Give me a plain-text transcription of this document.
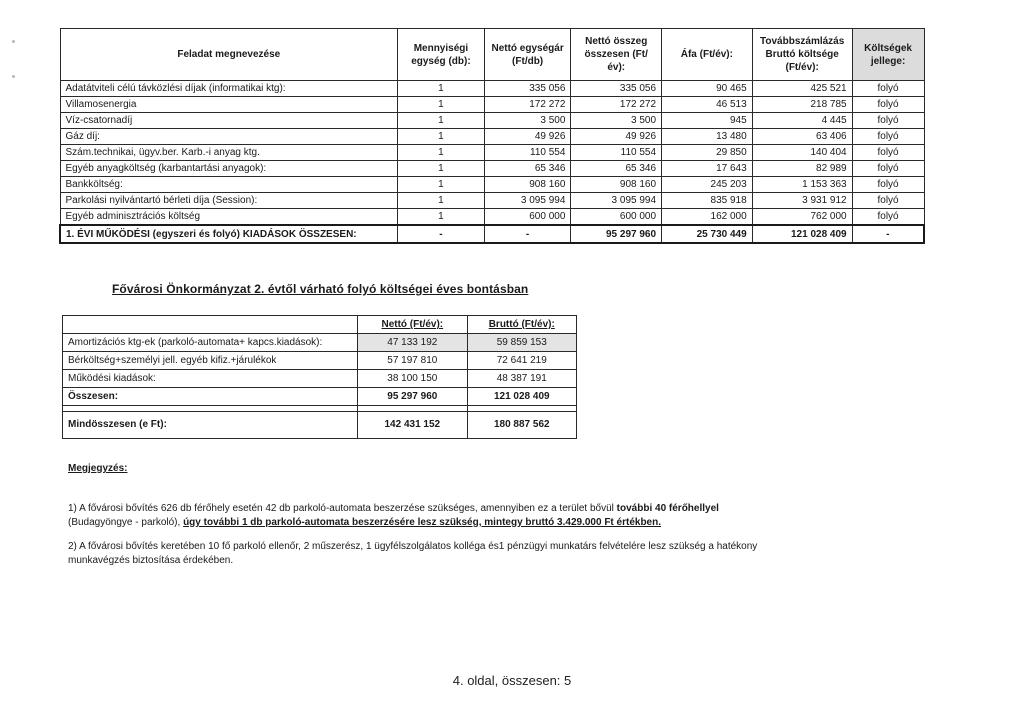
Feladat megnevezése	Mennyiségi egység (db):	Nettó egységár (Ft/db)	Nettó összeg összesen (Ft/év):	Áfa (Ft/év):	Továbbszámlázás Bruttó költsége (Ft/év):	Költségek jellege:
Adatátviteli célú távközlési díjak (informatikai ktg):	1	335 056	335 056	90 465	425 521	folyó
Villamosenergia	1	172 272	172 272	46 513	218 785	folyó
Víz-csatornadíj	1	3 500	3 500	945	4 445	folyó
Gáz díj:	1	49 926	49 926	13 480	63 406	folyó
Szám.technikai, ügyv.ber. Karb.-i anyag ktg.	1	110 554	110 554	29 850	140 404	folyó
Egyéb anyagköltség (karbantartási anyagok):	1	65 346	65 346	17 643	82 989	folyó
Bankköltség:	1	908 160	908 160	245 203	1 153 363	folyó
Parkolási nyilvántartó bérleti díja (Session):	1	3 095 994	3 095 994	835 918	3 931 912	folyó
Egyéb adminisztrációs költség	1	600 000	600 000	162 000	762 000	folyó
1. ÉVI MŰKÖDÉSI (egyszeri és folyó) KIADÁSOK ÖSSZESEN:	-	-	95 297 960	25 730 449	121 028 409	-
Fővárosi Önkormányzat 2. évtől várható folyó költségei éves bontásban
	Nettó (Ft/év):	Bruttó (Ft/év):
Amortizációs ktg-ek (parkoló-automata+ kapcs.kiadások):	47 133 192	59 859 153
Bérköltség+személyi jell. egyéb kifiz.+járulékok	57 197 810	72 641 219
Működési kiadások:	38 100 150	48 387 191
Összesen:	95 297 960	121 028 409

Mindösszesen (e Ft):	142 431 152	180 887 562
Megjegyzés:
1) A fővárosi bővítés 626 db férőhely esetén 42 db parkoló-automata beszerzése szükséges, amennyiben ez a terület bővül további 40 férőhellyel (Budagyöngye - parkoló), úgy további 1 db parkoló-automata beszerzésére lesz szükség, mintegy bruttó 3.429.000 Ft értékben.
2) A fővárosi bővítés keretében 10 fő parkoló ellenőr, 2 műszerész, 1 ügyfélszolgálatos kolléga és1 pénzügyi munkatárs felvételére lesz szükség a hatékony munkavégzés biztosítása érdekében.
4. oldal, összesen: 5
